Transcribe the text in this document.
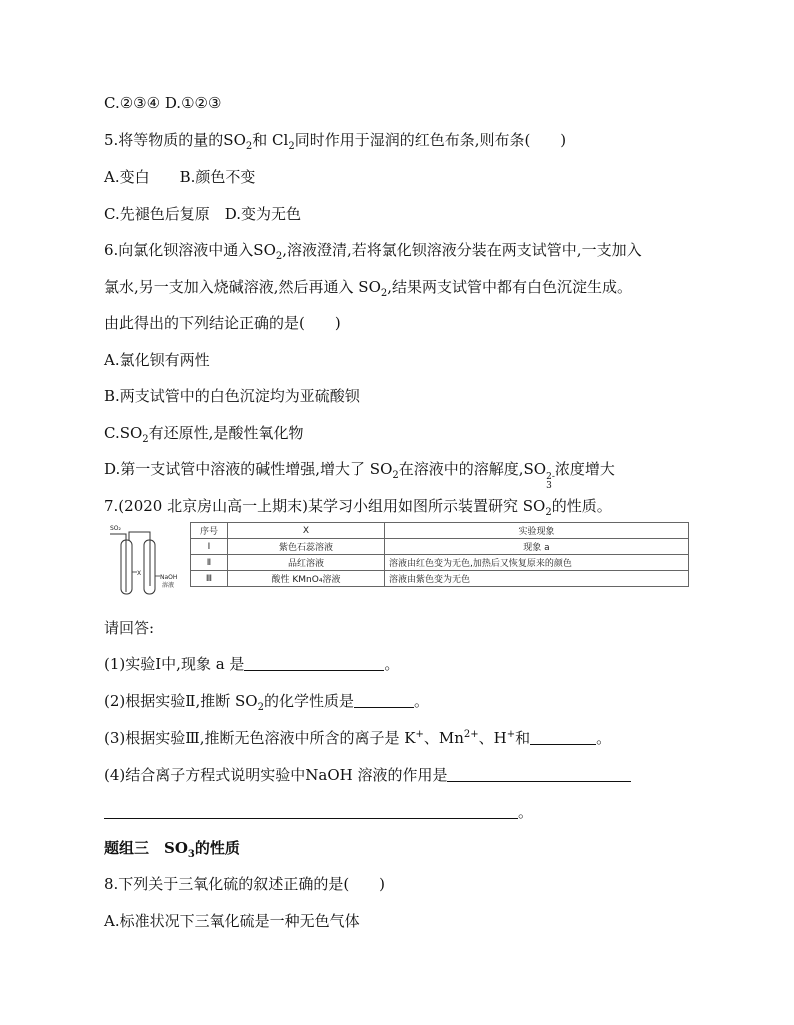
C.②③④ D.①②③
5.将等物质的量的$SO_2$和 $Cl_2$同时作用于湿润的红色布条,则布条(　　)
A.变白　　B.颜色不变
C.先褪色后复原　D.变为无色
6.向氯化钡溶液中通入$SO_2$,溶液澄清,若将氯化钡溶液分装在两支试管中,一支加入
氯水,另一支加入烧碱溶液,然后再通入 $SO_2$,结果两支试管中都有白色沉淀生成。
由此得出的下列结论正确的是(　　)
A.氯化钡有两性
B.两支试管中的白色沉淀均为亚硫酸钡
$C.SO_2$有还原性,是酸性氧化物
D.第一支试管中溶液的碱性增强,增大了 $SO_2$在溶液中的溶解度,SO 2-
3
浓度增大
7.(2020 北京房山高一上期末)某学习小组用如图所示装置研究 $SO_2$的性质。
SO₂
X
NaOH
溶液
序号	X	实验现象
Ⅰ	紫色石蕊溶液	现象 a
Ⅱ	品红溶液	溶液由红色变为无色,加热后又恢复原来的颜色
Ⅲ	酸性 KMnO₄溶液	溶液由紫色变为无色
请回答:
(1)实验Ⅰ中,现象 a 是	。
(2)根据实验Ⅱ,推断 $SO_2$的化学性质是	。
(3)根据实验Ⅲ,推断无色溶液中所含的离子是 K+、$Mn^{2+}$、H+和	。
(4)结合离子方程式说明实验中NaOH 溶液的作用是
。
题组三　$SO_3$的性质
8.下列关于三氧化硫的叙述正确的是(　　)
A.标准状况下三氧化硫是一种无色气体
